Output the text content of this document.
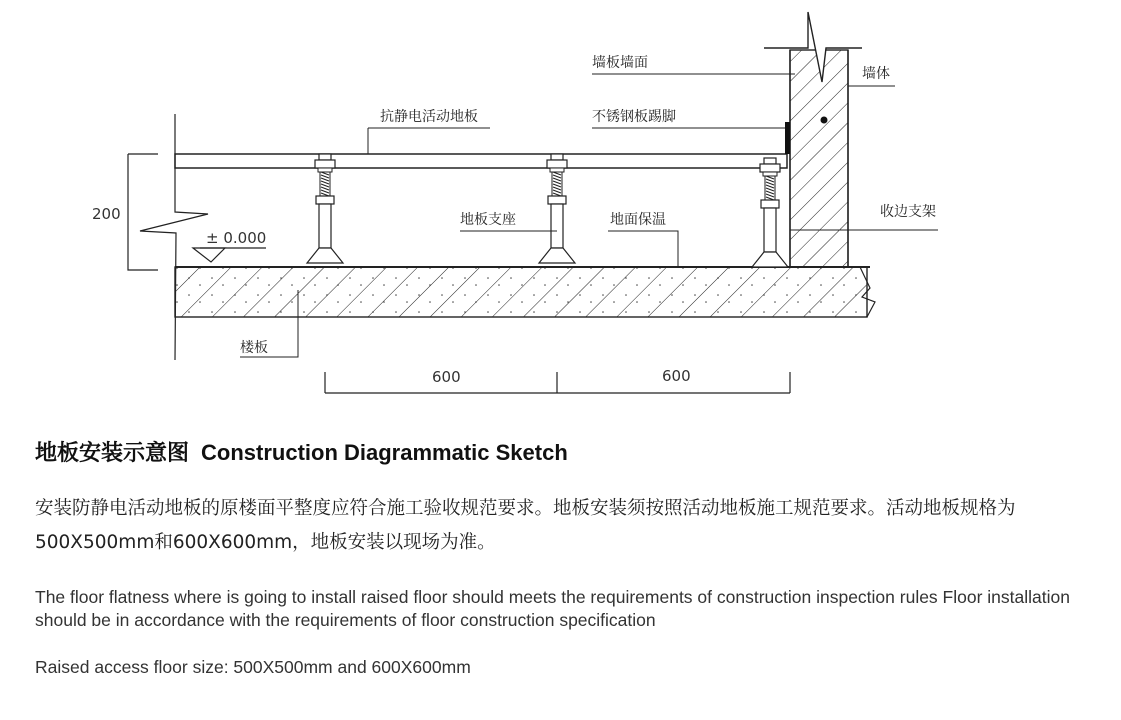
200
± 0.000
墙板墙面
墙体
抗静电活动地板	不锈钢板踢脚
地板支座	地面保温	收边支架
楼板
600	600
地板安装示意图 Construction Diagrammatic Sketch
安装防静电活动地板的原楼面平整度应符合施工验收规范要求。地板安装须按照活动地板施工规范要求。活动地板规格为500X500mm和600X600mm，地板安装以现场为准。
The floor flatness where is going to install raised floor should meets the requirements of construction inspection rules Floor installation should be in accordance with the requirements of floor construction specification
Raised access floor size: 500X500mm and 600X600mm
